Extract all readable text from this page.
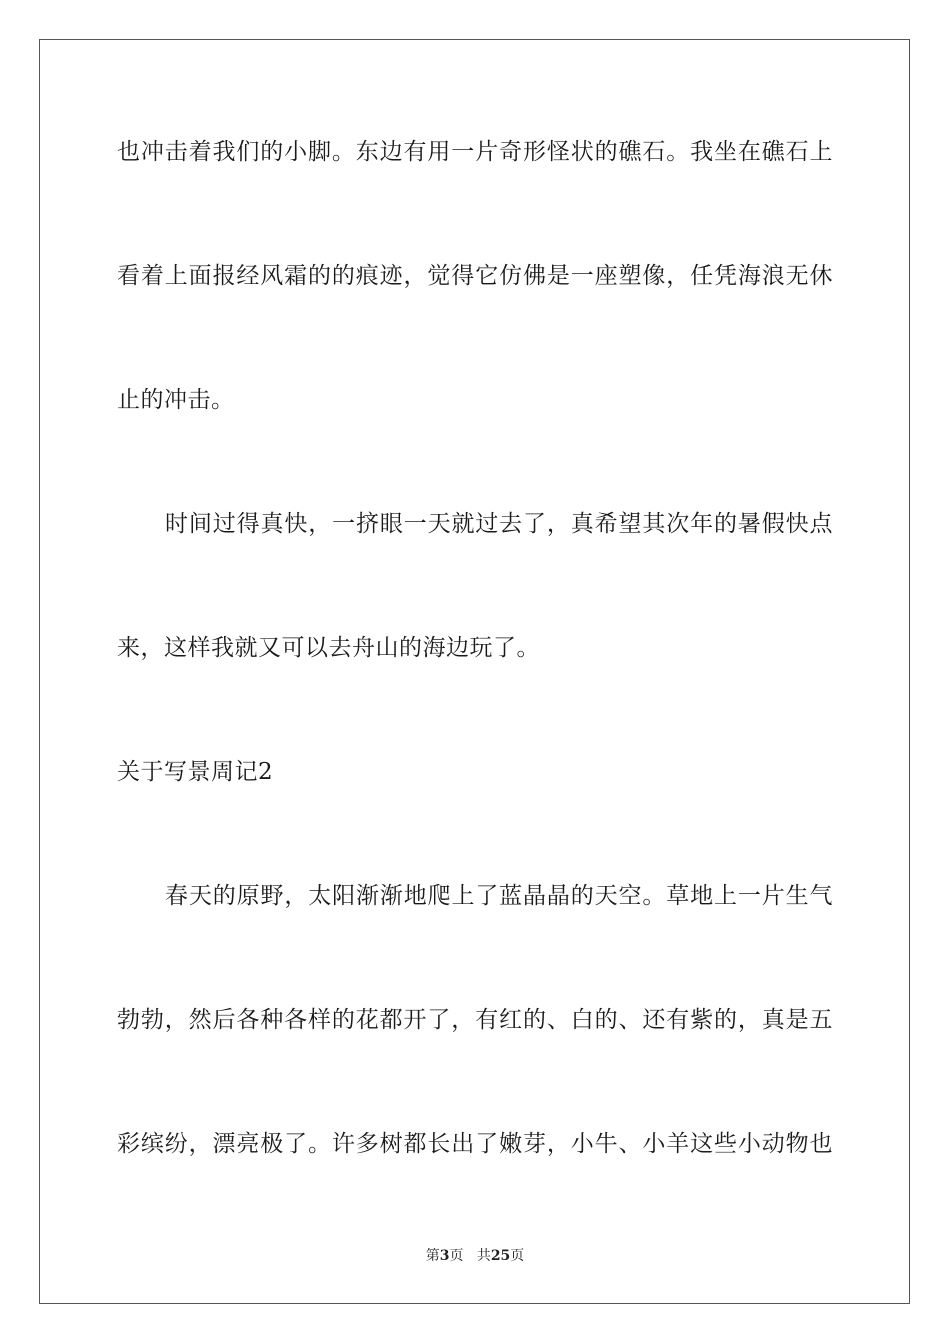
也冲击着我们的小脚。东边有用一片奇形怪状的礁石。我坐在礁石上
看着上面报经风霜的的痕迹，觉得它仿佛是一座塑像，任凭海浪无休
止的冲击。
时间过得真快，一挤眼一天就过去了，真希望其次年的暑假快点
来，这样我就又可以去舟山的海边玩了。
关于写景周记2
春天的原野，太阳渐渐地爬上了蓝晶晶的天空。草地上一片生气
勃勃，然后各种各样的花都开了，有红的、白的、还有紫的，真是五
彩缤纷，漂亮极了。许多树都长出了嫩芽，小牛、小羊这些小动物也
第3页 共25页
